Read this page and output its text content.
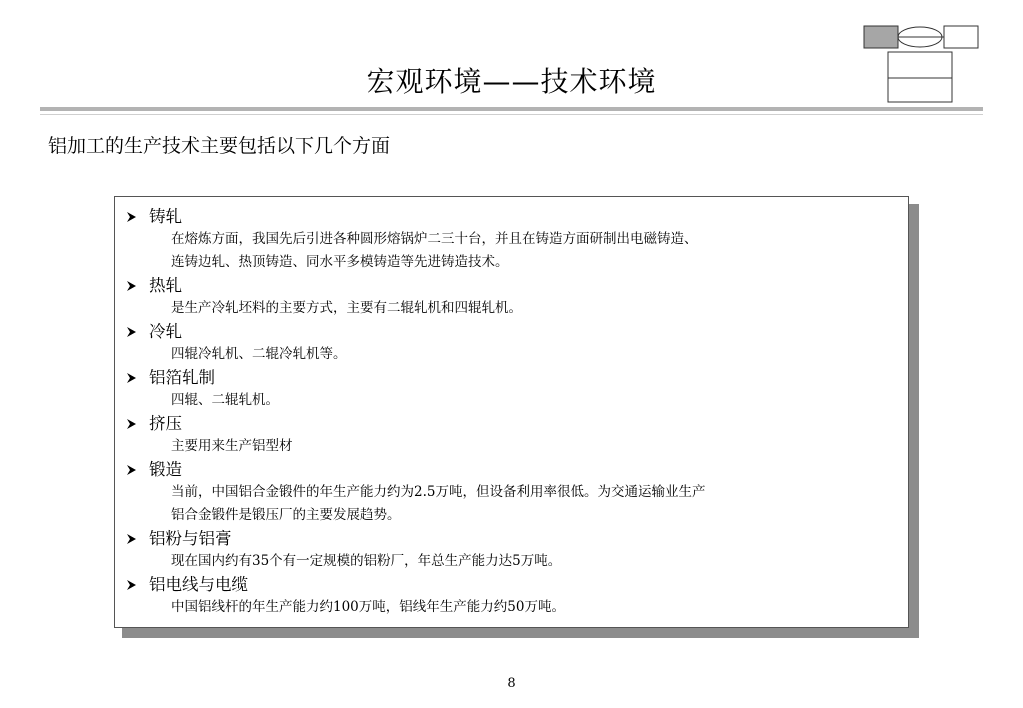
宏观环境——技术环境
铝加工的生产技术主要包括以下几个方面
铸轧
在熔炼方面，我国先后引进各种圆形熔锅炉二三十台，并且在铸造方面研制出电磁铸造、
连铸边轧、热顶铸造、同水平多模铸造等先进铸造技术。
热轧
是生产冷轧坯料的主要方式，主要有二辊轧机和四辊轧机。
冷轧
四辊冷轧机、二辊冷轧机等。
铝箔轧制
四辊、二辊轧机。
挤压
主要用来生产铝型材
锻造
当前，中国铝合金锻件的年生产能力约为2.5万吨，但设备利用率很低。为交通运输业生产
铝合金锻件是锻压厂的主要发展趋势。
铝粉与铝膏
现在国内约有35个有一定规模的铝粉厂，年总生产能力达5万吨。
铝电线与电缆
中国铝线杆的年生产能力约100万吨，铝线年生产能力约50万吨。
8
